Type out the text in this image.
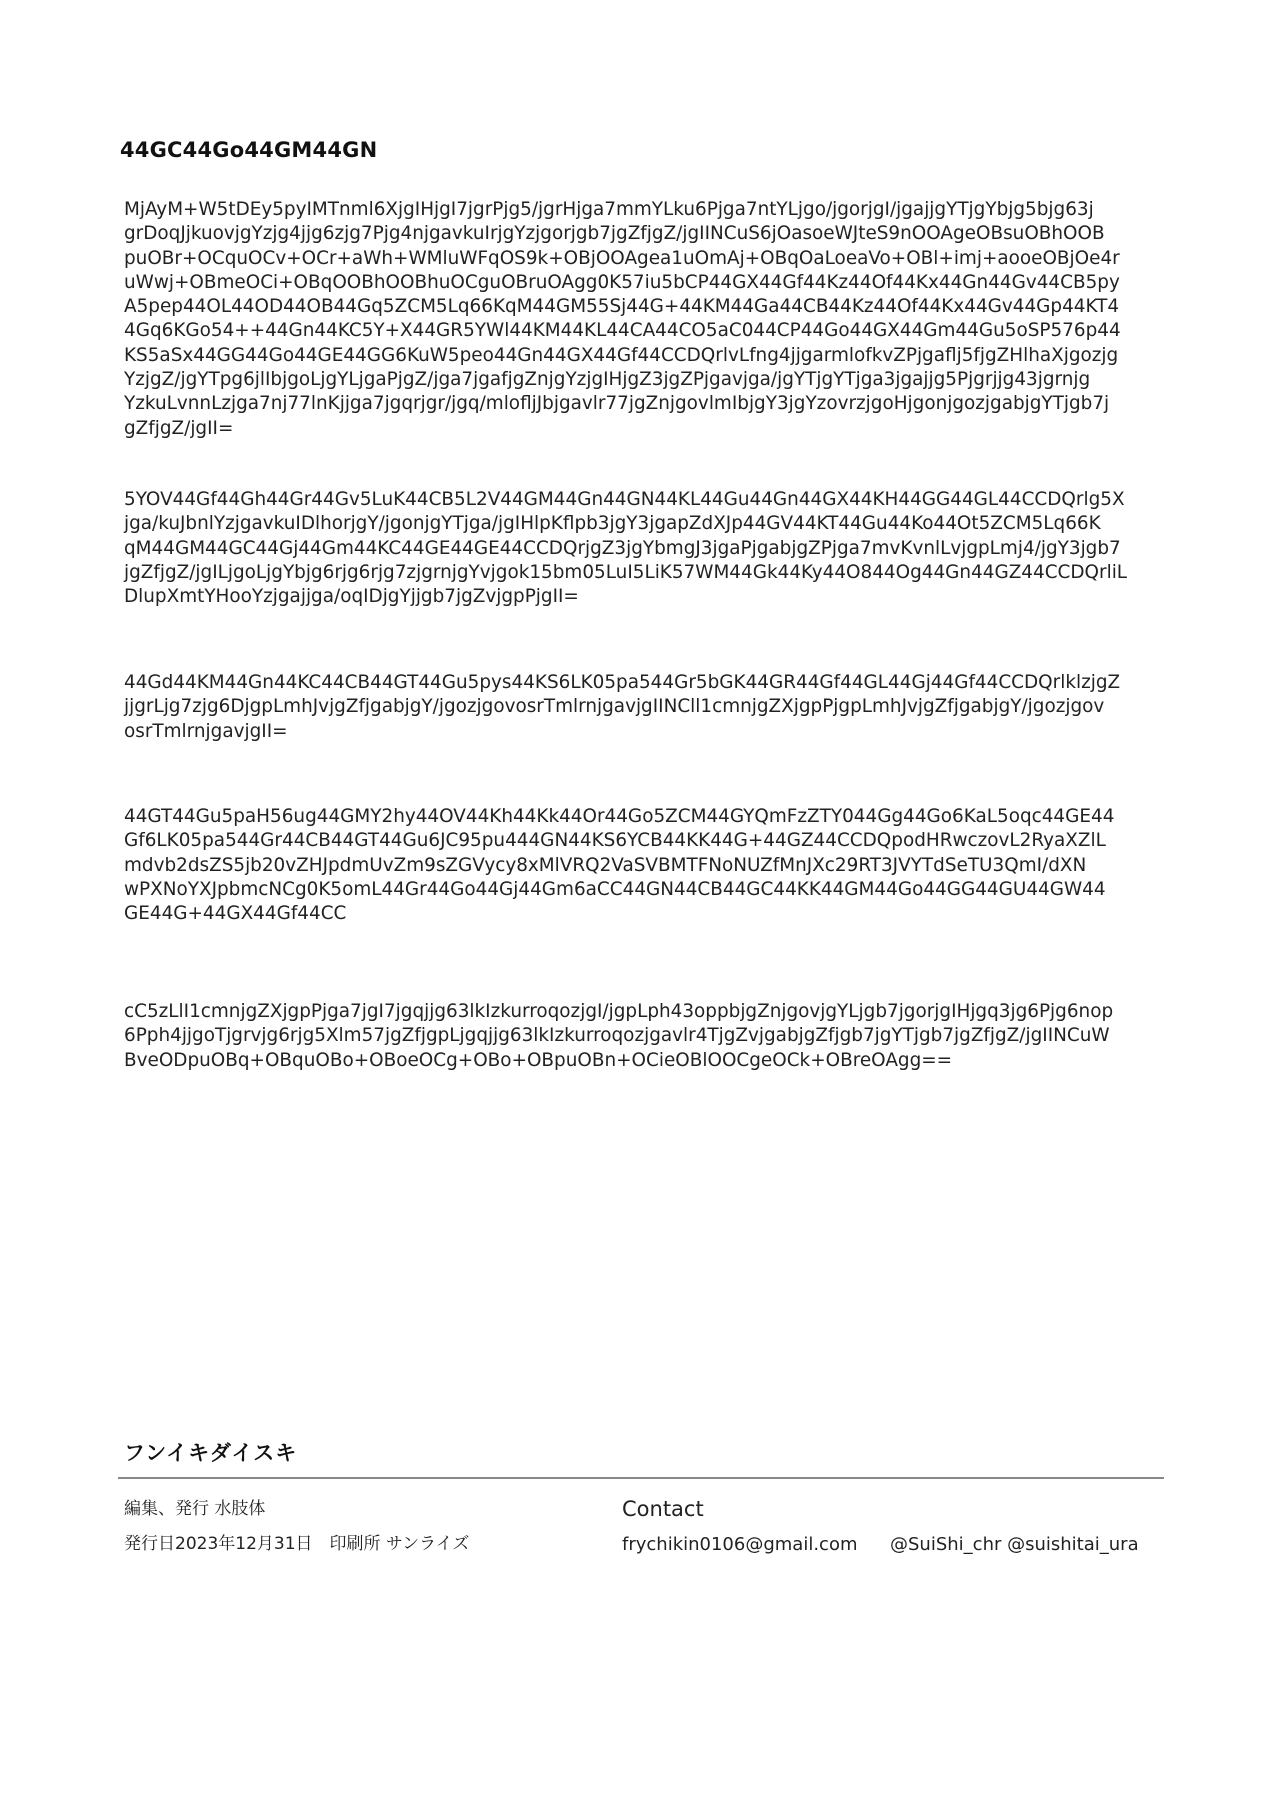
44GC44Go44GM44GN
MjAyM+W5tDEy5pyIMTnml6XjgIHjgI7jgrPjg5/jgrHjga7mmYLku6Pjga7ntYLjgo/jgorjgI/jgajjgYTjgYbjg5bjg63j
grDoqJjkuovjgYzjg4jjg6zjg7Pjg4njgavkuIrjgYzjgorjgb7jgZfjgZ/jgIINCuS6jOasoeWJteS9nOOAgeOBsuOBhOOB
puOBr+OCquOCv+OCr+aWh+WMluWFqOS9k+OBjOOAgea1uOmAj+OBqOaLoeaVo+OBl+imj+aooeOBjOe4r
uWwj+OBmeOCi+OBqOOBhOOBhuOCguOBruOAgg0K57iu5bCP44GX44Gf44Kz44Of44Kx44Gn44Gv44CB5py
A5pep44OL44OD44OB44Gq5ZCM5Lq66KqM44GM55Sj44G+44KM44Ga44CB44Kz44Of44Kx44Gv44Gp44KT4
4Gq6KGo54++44Gn44KC5Y+X44GR5YWl44KM44KL44CA44CO5aC044CP44Go44GX44Gm44Gu5oSP576p44
KS5aSx44GG44Go44GE44GG6KuW5peo44Gn44GX44Gf44CCDQrlvLfng4jjgarmlofkvZPjgaflj5fjgZHlhaXjgozjg
YzjgZ/jgYTpg6jlIbjgoLjgYLjgaPjgZ/jga7jgafjgZnjgYzjgIHjgZ3jgZPjgavjga/jgYTjgYTjga3jgajjg5Pjgrjjg43jgrnjg
YzkuLvnnLzjga7nj77lnKjjga7jgqrjgr/jgq/mlofljJbjgavlr77jgZnjgovlmIbjgY3jgYzovrzjgoHjgonjgozjgabjgYTjgb7j
gZfjgZ/jgII=
5YOV44Gf44Gh44Gr44Gv5LuK44CB5L2V44GM44Gn44GN44KL44Gu44Gn44GX44KH44GG44GL44CCDQrlg5X
jga/kuJbnlYzjgavkuIDlhorjgY/jgonjgYTjga/jgIHlpKflpb3jgY3jgapZdXJp44GV44KT44Gu44Ko44Ot5ZCM5Lq66K
qM44GM44GC44Gj44Gm44KC44GE44GE44CCDQrjgZ3jgYbmgJ3jgaPjgabjgZPjga7mvKvnlLvjgpLmj4/jgY3jgb7
jgZfjgZ/jgILjgoLjgYbjg6rjg6rjg7zjgrnjgYvjgok15bm05LuI5LiK57WM44Gk44Ky44O844Og44Gn44GZ44CCDQrliL
DlupXmtYHooYzjgajjga/oqIDjgYjjgb7jgZvjgpPjgII=
44Gd44KM44Gn44KC44CB44GT44Gu5pys44KS6LK05pa544Gr5bGK44GR44Gf44GL44Gj44Gf44CCDQrlklzjgZ
jjgrLjg7zjg6DjgpLmhJvjgZfjgabjgY/jgozjgovosrTmlrnjgavjgIINCll1cmnjgZXjgpPjgpLmhJvjgZfjgabjgY/jgozjgov
osrTmlrnjgavjgII=
44GT44Gu5paH56ug44GMY2hy44OV44Kh44Kk44Or44Go5ZCM44GYQmFzZTY044Gg44Go6KaL5oqc44GE44
Gf6LK05pa544Gr44CB44GT44Gu6JC95pu444GN44KS6YCB44KK44G+44GZ44CCDQpodHRwczovL2RyaXZlL
mdvb2dsZS5jb20vZHJpdmUvZm9sZGVycy8xMlVRQ2VaSVBMTFNoNUZfMnJXc29RT3JVYTdSeTU3QmI/dXN
wPXNoYXJpbmcNCg0K5omL44Gr44Go44Gj44Gm6aCC44GN44CB44GC44KK44GM44Go44GG44GU44GW44
GE44G+44GX44Gf44CC
cC5zLlI1cmnjgZXjgpPjga7jgI7jgqjjg63lkIzkurroqozjgI/jgpLph43oppbjgZnjgovjgYLjgb7jgorjgIHjgq3jg6Pjg6nop
6Pph4jjgoTjgrvjg6rjg5Xlm57jgZfjgpLjgqjjg63lkIzkurroqozjgavlr4TjgZvjgabjgZfjgb7jgYTjgb7jgZfjgZ/jgIINCuW
BveODpuOBq+OBquOBo+OBoeOCg+OBo+OBpuOBn+OCieOBlOOCgeOCk+OBreOAgg==
フンイキダイスキ
編集、発行 水肢体
発行日2023年12月31日　印刷所 サンライズ
Contact
frychikin0106@gmail.com @SuiShi_chr @suishitai_ura
